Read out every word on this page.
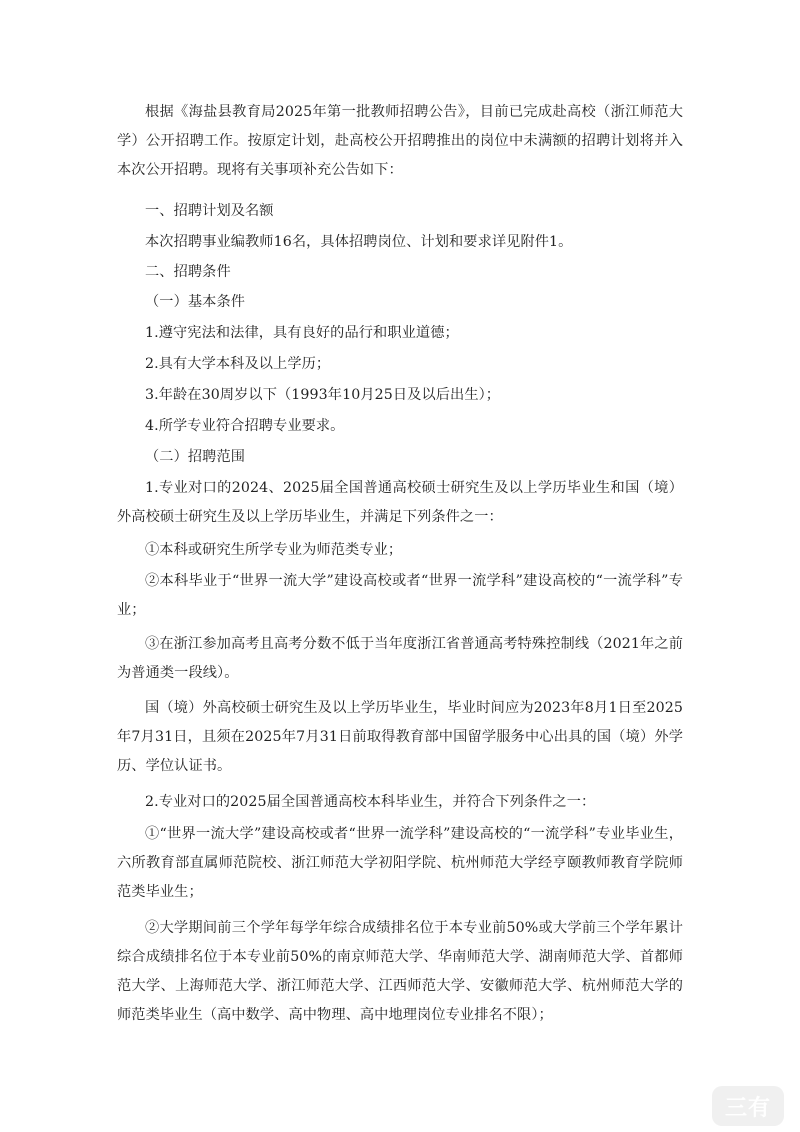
根据《海盐县教育局2025年第一批教师招聘公告》，目前已完成赴高校（浙江师范大学）公开招聘工作。按原定计划，赴高校公开招聘推出的岗位中未满额的招聘计划将并入本次公开招聘。现将有关事项补充公告如下：

一、招聘计划及名额

本次招聘事业编教师16名，具体招聘岗位、计划和要求详见附件1。

二、招聘条件

（一）基本条件

1.遵守宪法和法律，具有良好的品行和职业道德；

2.具有大学本科及以上学历；

3.年龄在30周岁以下（1993年10月25日及以后出生）；

4.所学专业符合招聘专业要求。

（二）招聘范围

1.专业对口的2024、2025届全国普通高校硕士研究生及以上学历毕业生和国（境）外高校硕士研究生及以上学历毕业生，并满足下列条件之一：

①本科或研究生所学专业为师范类专业；

②本科毕业于“世界一流大学”建设高校或者“世界一流学科”建设高校的“一流学科”专业；

③在浙江参加高考且高考分数不低于当年度浙江省普通高考特殊控制线（2021年之前为普通类一段线）。

国（境）外高校硕士研究生及以上学历毕业生，毕业时间应为2023年8月1日至2025年7月31日，且须在2025年7月31日前取得教育部中国留学服务中心出具的国（境）外学历、学位认证书。

2.专业对口的2025届全国普通高校本科毕业生，并符合下列条件之一：

①“世界一流大学”建设高校或者“世界一流学科”建设高校的“一流学科”专业毕业生，六所教育部直属师范院校、浙江师范大学初阳学院、杭州师范大学经亨颐教师教育学院师范类毕业生；

②大学期间前三个学年每学年综合成绩排名位于本专业前50%或大学前三个学年累计综合成绩排名位于本专业前50%的南京师范大学、华南师范大学、湖南师范大学、首都师范大学、上海师范大学、浙江师范大学、江西师范大学、安徽师范大学、杭州师范大学的师范类毕业生（高中数学、高中物理、高中地理岗位专业排名不限）；

三有
